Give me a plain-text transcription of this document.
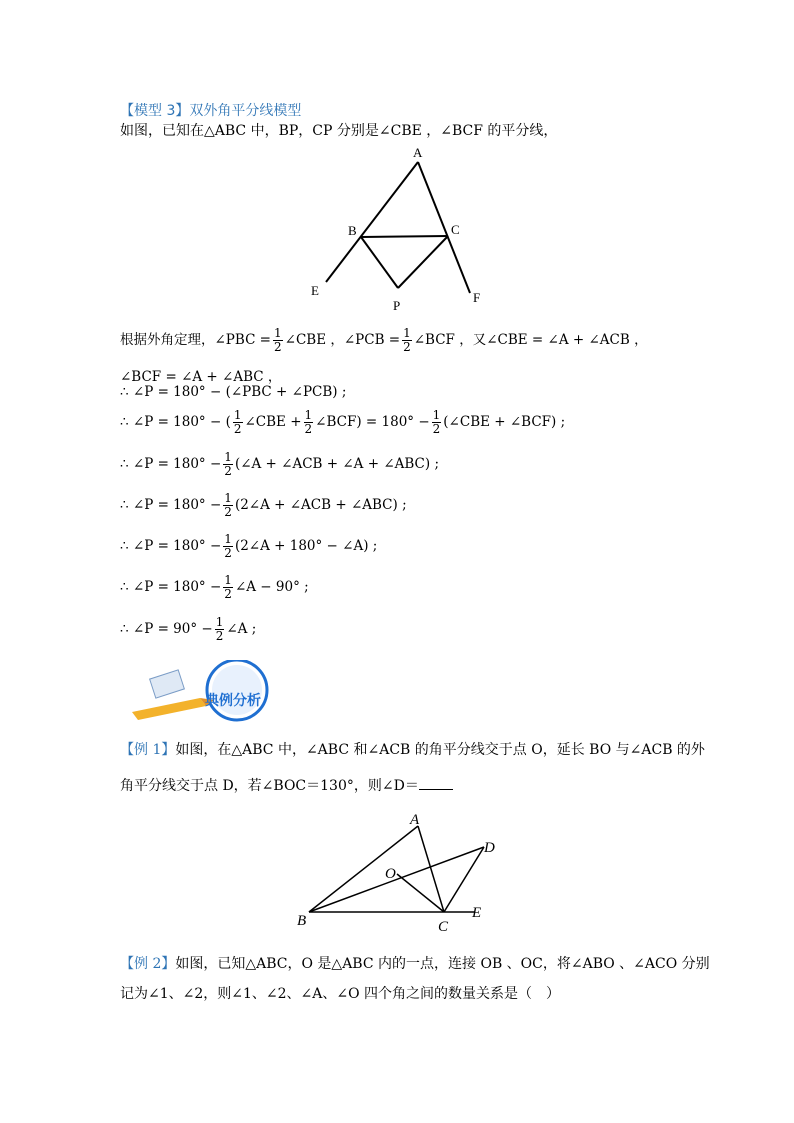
【模型 3】双外角平分线模型
如图，已知在△ABC 中，BP，CP 分别是∠CBE ，∠BCF 的平分线，
A
B	C
E	F
P
根据外角定理，∠PBC = $\frac{1}{2}$ ∠CBE ，∠PCB = $\frac{1}{2}$ ∠BCF ，又∠CBE = ∠A + ∠ACB ，
∠BCF = ∠A + ∠ABC ，
∴ ∠P = 180° − (∠PBC + ∠PCB) ;
∴ ∠P = 180° − ( $\frac{1}{2}$ ∠CBE + $\frac{1}{2}$ ∠BCF) = $180^\circ - \frac{1}{2}$ (∠CBE + ∠BCF) ;
∴ ∠P = $180^\circ - \frac{1}{2}$ (∠A + ∠ACB + ∠A + ∠ABC) ;
∴ ∠P = $180^\circ - \frac{1}{2}$ (2∠A + ∠ACB + ∠ABC) ;
∴ ∠P = $180^\circ - \frac{1}{2}$ (2∠A + 180° − ∠A) ;
∴ ∠P = $180^\circ - \frac{1}{2}$ ∠A − 90° ;
∴ ∠P = $90^\circ - \frac{1}{2}$ ∠A ;
典例分析
【例 1】如图，在△ABC 中，∠ABC 和∠ACB 的角平分线交于点 O，延长 BO 与∠ACB 的外
角平分线交于点 D，若∠BOC＝130°，则∠D＝
A
B	C
D
E
O
【例 2】如图，已知△ABC，O 是△ABC 内的一点，连接 OB 、OC，将∠ABO 、∠ACO 分别
记为∠1、∠2，则∠1、∠2、∠A、∠O 四个角之间的数量关系是（　）
